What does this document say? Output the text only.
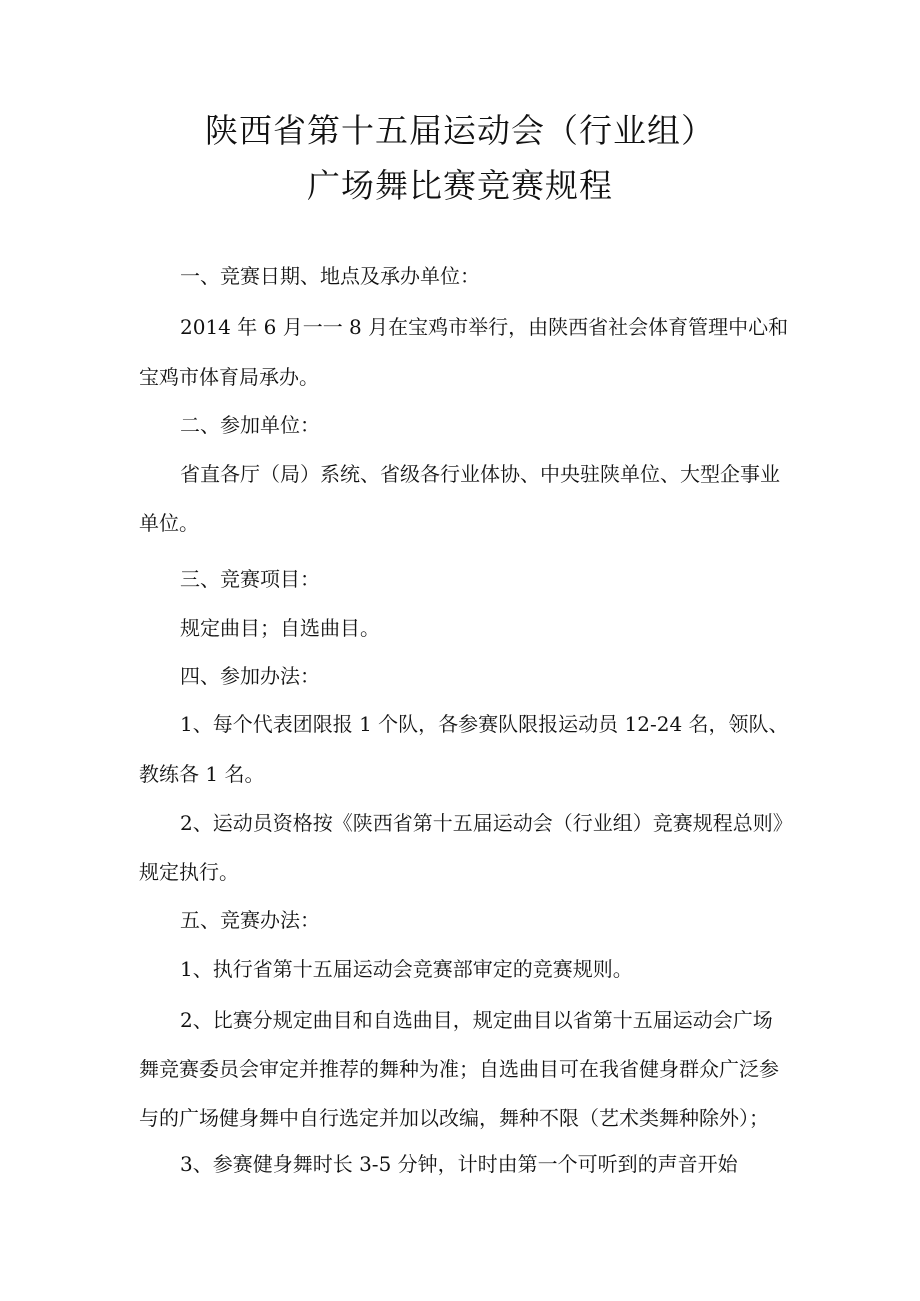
陕西省第十五届运动会（行业组）
广场舞比赛竞赛规程
一、竞赛日期、地点及承办单位：
2014 年 6 月一一 8 月在宝鸡市举行，由陕西省社会体育管理中心和
宝鸡市体育局承办。
二、参加单位：
省直各厅（局）系统、省级各行业体协、中央驻陕单位、大型企事业
单位。
三、竞赛项目：
规定曲目；自选曲目。
四、参加办法：
1、每个代表团限报 1 个队，各参赛队限报运动员 12-24 名，领队、
教练各 1 名。
2、运动员资格按《陕西省第十五届运动会（行业组）竞赛规程总则》
规定执行。
五、竞赛办法：
1、执行省第十五届运动会竞赛部审定的竞赛规则。
2、比赛分规定曲目和自选曲目，规定曲目以省第十五届运动会广场
舞竞赛委员会审定并推荐的舞种为准；自选曲目可在我省健身群众广泛参
与的广场健身舞中自行选定并加以改编，舞种不限（艺术类舞种除外）；
3、参赛健身舞时长 3-5 分钟，计时由第一个可听到的声音开始
